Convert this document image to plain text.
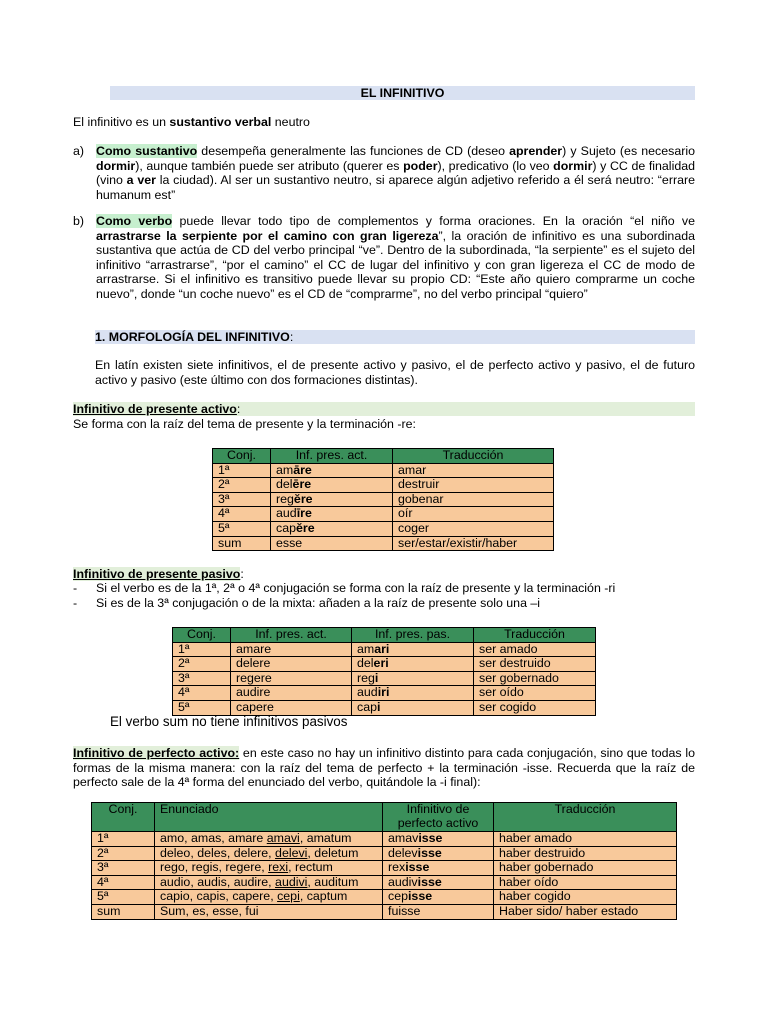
EL INFINITIVO

El infinitivo es un sustantivo verbal neutro

a) Como sustantivo desempeña generalmente las funciones de CD (deseo aprender) y Sujeto (es necesario dormir), aunque también puede ser atributo (querer es poder), predicativo (lo veo dormir) y CC de finalidad (vino a ver la ciudad). Al ser un sustantivo neutro, si aparece algún adjetivo referido a él será neutro: “errare humanum est”
b) Como verbo puede llevar todo tipo de complementos y forma oraciones. En la oración “el niño ve arrastrarse la serpiente por el camino con gran ligereza”, la oración de infinitivo es una subordinada sustantiva que actúa de CD del verbo principal “ve”. Dentro de la subordinada, “la serpiente” es el sujeto del infinitivo “arrastrarse”, “por el camino” el CC de lugar del infinitivo y con gran ligereza el CC de modo de arrastrarse. Si el infinitivo es transitivo puede llevar su propio CD: “Este año quiero comprarme un coche nuevo”, donde “un coche nuevo” es el CD de “comprarme”, no del verbo principal “quiero”
1. MORFOLOGÍA DEL INFINITIVO:

En latín existen siete infinitivos, el de presente activo y pasivo, el de perfecto activo y pasivo, el de futuro activo y pasivo (este último con dos formaciones distintas).

Infinitivo de presente activo:

Se forma con la raíz del tema de presente y la terminación -re:

Conj.	Inf. pres. act.	Traducción
1ª	amāre	amar
2ª	delēre	destruir
3ª	regĕre	gobenar
4ª	audīre	oír
5ª	capĕre	coger
sum	esse	ser/estar/existir/haber
Infinitivo de presente pasivo:
- Si el verbo es de la 1ª, 2ª o 4ª conjugación se forma con la raíz de presente y la terminación -ri
- Si es de la 3ª conjugación o de la mixta: añaden a la raíz de presente solo una –i
Conj.	Inf. pres. act.	Inf. pres. pas.	Traducción
1ª	amare	amari	ser amado
2ª	delere	deleri	ser destruido
3ª	regere	regi	ser gobernado
4ª	audire	audiri	ser oído
5ª	capere	capi	ser cogido

El verbo sum no tiene infinitivos pasivos

Infinitivo de perfecto activo: en este caso no hay un infinitivo distinto para cada conjugación, sino que todas lo formas de la misma manera: con la raíz del tema de perfecto + la terminación -isse. Recuerda que la raíz de perfecto sale de la 4ª forma del enunciado del verbo, quitándole la -i final):

Conj.	Enunciado	Infinitivo de perfecto activo	Traducción
1ª	amo, amas, amare amavi, amatum	amavisse	haber amado
2ª	deleo, deles, delere, delevi, deletum	delevisse	haber destruido
3ª	rego, regis, regere, rexi, rectum	rexisse	haber gobernado
4ª	audio, audis, audire, audivi, auditum	audivisse	haber oído
5ª	capio, capis, capere, cepi, captum	cepisse	haber cogido
sum	Sum, es, esse, fui	fuisse	Haber sido/ haber estado
